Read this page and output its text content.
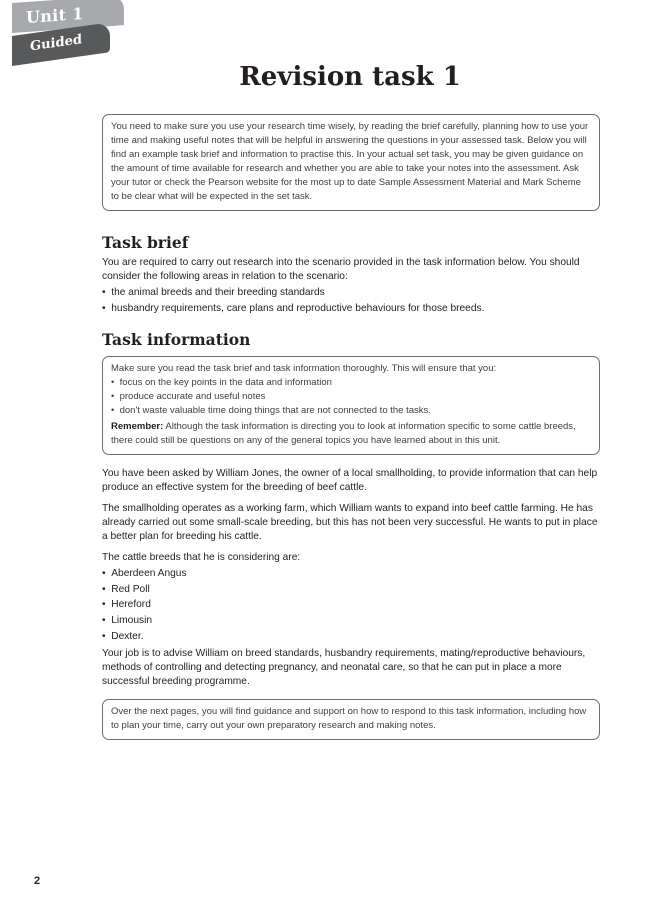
Unit 1
Guided
Revision task 1

You need to make sure you use your research time wisely, by reading the brief carefully, planning how to use your time and making useful notes that will be helpful in answering the questions in your assessed task. Below you will find an example task brief and information to practise this. In your actual set task, you may be given guidance on the amount of time available for research and whether you are able to take your notes into the assessment. Ask your tutor or check the Pearson website for the most up to date Sample Assessment Material and Mark Scheme to be clear what will be expected in the set task.

Task brief

You are required to carry out research into the scenario provided in the task information below. You should consider the following areas in relation to the scenario:

•  the animal breeds and their breeding standards
•  husbandry requirements, care plans and reproductive behaviours for those breeds.
Task information

Make sure you read the task brief and task information thoroughly. This will ensure that you:

•  focus on the key points in the data and information
•  produce accurate and useful notes
•  don't waste valuable time doing things that are not connected to the tasks.

Remember: Although the task information is directing you to look at information specific to some cattle breeds, there could still be questions on any of the general topics you have learned about in this unit.

You have been asked by William Jones, the owner of a local smallholding, to provide information that can help produce an effective system for the breeding of beef cattle.

The smallholding operates as a working farm, which William wants to expand into beef cattle farming. He has already carried out some small-scale breeding, but this has not been very successful. He wants to put in place a better plan for breeding his cattle.

The cattle breeds that he is considering are:

•  Aberdeen Angus
•  Red Poll
•  Hereford
•  Limousin
•  Dexter.

Your job is to advise William on breed standards, husbandry requirements, mating/reproductive behaviours, methods of controlling and detecting pregnancy, and neonatal care, so that he can put in place a more successful breeding programme.

Over the next pages, you will find guidance and support on how to respond to this task information, including how to plan your time, carry out your own preparatory research and making notes.

2
